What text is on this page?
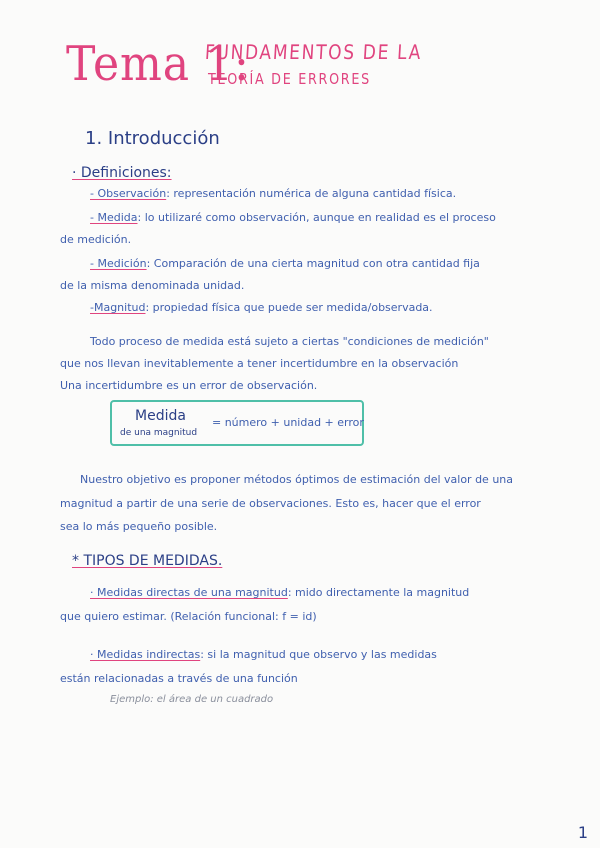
Tema 1:
FUNDAMENTOS DE LA
TEORÍA DE ERRORES
1. Introducción
· Definiciones:
- Observación: representación numérica de alguna cantidad física.
- Medida: lo utilizaré como observación, aunque en realidad es el proceso
de medición.
- Medición: Comparación de una cierta magnitud con otra cantidad fija
de la misma denominada unidad.
-Magnitud: propiedad física que puede ser medida/observada.
Todo proceso de medida está sujeto a ciertas "condiciones de medición"
que nos llevan inevitablemente a tener incertidumbre en la observación
Una incertidumbre es un error de observación.
Medida
de una magnitud
= número + unidad + error
Nuestro objetivo es proponer métodos óptimos de estimación del valor de una
magnitud a partir de una serie de observaciones. Esto es, hacer que el error
sea lo más pequeño posible.
* TIPOS DE MEDIDAS.
· Medidas directas de una magnitud: mido directamente la magnitud
que quiero estimar. (Relación funcional: f = id)
· Medidas indirectas: si la magnitud que observo y las medidas
están relacionadas a través de una función
Ejemplo: el área de un cuadrado
1
